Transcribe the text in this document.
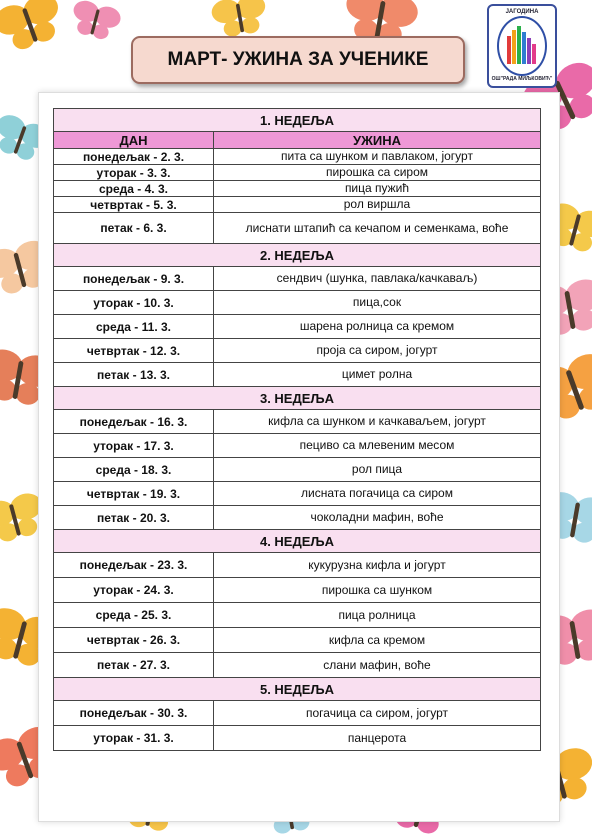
МАРТ- УЖИНА ЗА УЧЕНИКЕ
ЈАГОДИНА
ОШ"РАДА МИЉКОВИЋ"
1. НЕДЕЉА	
ДАН	УЖИНА
понедељак - 2. 3.	пита са шунком и павлаком, јогурт
уторак - 3. 3.	пирошка са сиром
среда - 4. 3.	пица пужић
четвртак - 5. 3.	рол виршла
петак - 6. 3.	лиснати штапић са кечапом и семенкама, воће
2. НЕДЕЉА	
понедељак - 9. 3.	сендвич (шунка, павлака/качкаваљ)
уторак - 10. 3.	пица,сок
среда - 11. 3.	шарена ролница са кремом
четвртак - 12. 3.	проја са сиром, јогурт
петак - 13. 3.	цимет ролна
3. НЕДЕЉА	
понедељак - 16. 3.	кифла са шунком и качкаваљем, јогурт
уторак - 17. 3.	пециво са млевеним месом
среда - 18. 3.	рол пица
четвртак - 19. 3.	лисната погачица са сиром
петак - 20. 3.	чоколадни мафин, воће
4. НЕДЕЉА	
понедељак - 23. 3.	кукурузна кифла и јогурт
уторак - 24. 3.	пирошка са шунком
среда - 25. 3.	пица ролница
четвртак - 26. 3.	кифла са кремом
петак - 27. 3.	слани мафин, воће
5. НЕДЕЉА	
понедељак - 30. 3.	погачица са сиром, јогурт
уторак - 31. 3.	панцерота
